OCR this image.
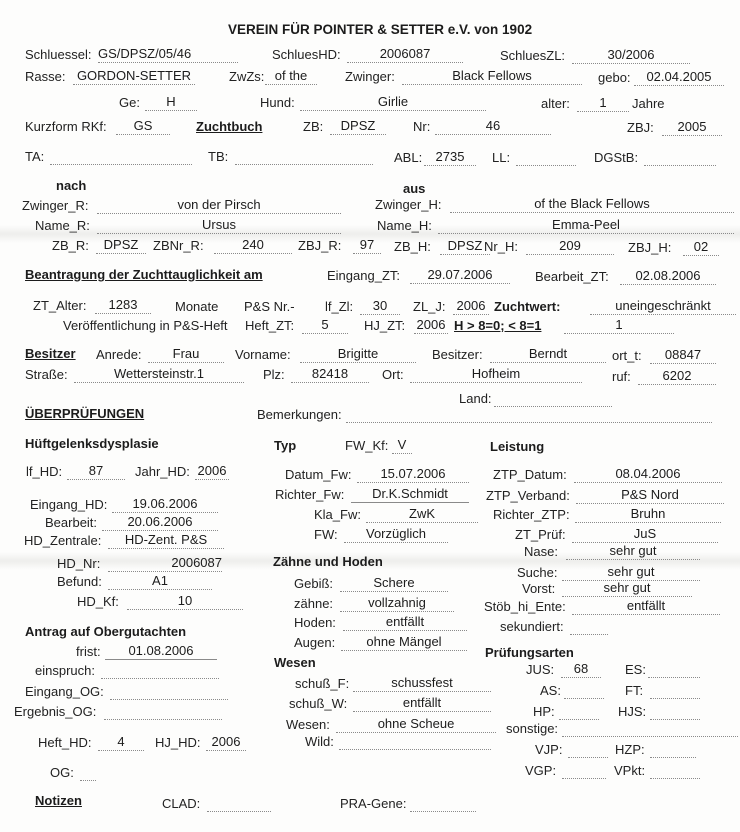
VEREIN FÜR POINTER & SETTER e.V. von 1902
Schluessel: GS/DPSZ/05/46	SchluesHD:	2006087	SchluesZL:	30/2006
Rasse: GORDON-SETTER	ZwZs: of the	Zwinger:	Black Fellows	gebo:	02.04.2005
Ge:	H	Hund:	Girlie	alter:	1	Jahre
Kurzform RKf:	GS	Zuchtbuch	ZB:	DPSZ	Nr:	46	ZBJ:	2005
TA:	TB:	ABL:	2735	LL:	DGStB:
nach	aus
Zwinger_R:	von der Pirsch	Zwinger_H:	of the Black Fellows
Name_R:	Ursus	Name_H:	Emma-Peel
ZB_R:	DPSZ	ZBNr_R:	240	ZBJ_R:	97	ZB_H:	DPSZ Nr_H:	209	ZBJ_H:	02
Beantragung der Zuchttauglichkeit am	Eingang_ZT:	29.07.2006	Bearbeit_ZT:	02.08.2006
ZT_Alter:	1283	Monate P&S Nr.- lf_Zl:	30	ZL_J: 2006 Zuchtwert:	uneingeschränkt
Veröffentlichung in P&S-Heft Heft_ZT:	5	HJ_ZT: 2006 H > 8=0; < 8=1	1
Besitzer Anrede:	Frau	Vorname:	Brigitte	Besitzer:	Berndt	ort_t:	08847
Straße:	Wettersteinstr.1	Plz:	82418	Ort:	Hofheim	ruf:	6202
Land:
ÜBERPRÜFUNGEN	Bemerkungen:
Hüftgelenksdysplasie
lf_HD:	87	Jahr_HD: 2006
Eingang_HD:	19.06.2006
Bearbeit:	20.06.2006
HD_Zentrale:	HD-Zent. P&S
HD_Nr:	2006087
Befund:	A1
HD_Kf:	10
Antrag auf Obergutachten
frist:	01.08.2006
einspruch:
Eingang_OG:
Ergebnis_OG:
Heft_HD:	4	HJ_HD: 2006
OG:
Notizen	CLAD:	PRA-Gene:
Typ	FW_Kf: V
Datum_Fw:	15.07.2006
Richter_Fw:	Dr.K.Schmidt
Kla_Fw:	ZwK
FW:	Vorzüglich
Zähne und Hoden
Gebiß:	Schere
zähne:	vollzahnig
Hoden:	entfällt
Augen:	ohne Mängel
Wesen
schuß_F:	schussfest
schuß_W:	entfällt
Wesen:	ohne Scheue
Wild:
Leistung
ZTP_Datum:	08.04.2006
ZTP_Verband:	P&S Nord
Richter_ZTP:	Bruhn
ZT_Prüf:	JuS
Nase:	sehr gut
Suche:	sehr gut
Vorst:	sehr gut
Stöb_hi_Ente:	entfällt
sekundiert:
Prüfungsarten
JUS:	68	ES:
AS:	FT:
HP:	HJS:
sonstige:
VJP:	HZP:
VGP:	VPkt:
